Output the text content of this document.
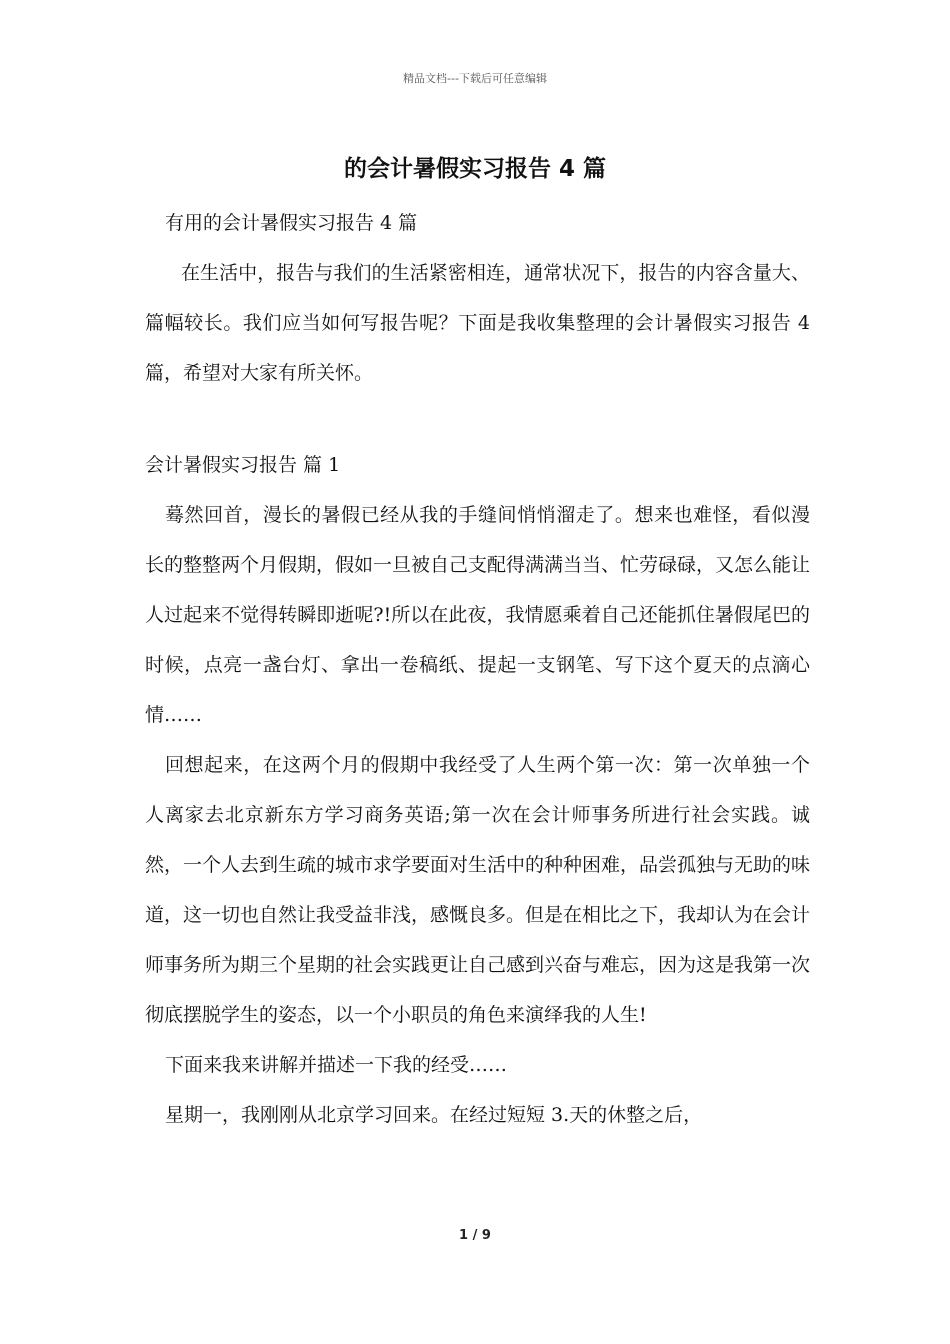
精品文档---下载后可任意编辑
的会计暑假实习报告 4 篇
有用的会计暑假实习报告 4 篇

在生活中，报告与我们的生活紧密相连，通常状况下，报告的内容含量大、篇幅较长。我们应当如何写报告呢？下面是我收集整理的会计暑假实习报告 4 篇，希望对大家有所关怀。

会计暑假实习报告 篇 1

蓦然回首，漫长的暑假已经从我的手缝间悄悄溜走了。想来也难怪，看似漫长的整整两个月假期，假如一旦被自己支配得满满当当、忙劳碌碌，又怎么能让人过起来不觉得转瞬即逝呢?!所以在此夜，我情愿乘着自己还能抓住暑假尾巴的时候，点亮一盏台灯、拿出一卷稿纸、提起一支钢笔、写下这个夏天的点滴心情……

回想起来，在这两个月的假期中我经受了人生两个第一次：第一次单独一个人离家去北京新东方学习商务英语;第一次在会计师事务所进行社会实践。诚然，一个人去到生疏的城市求学要面对生活中的种种困难，品尝孤独与无助的味道，这一切也自然让我受益非浅，感慨良多。但是在相比之下，我却认为在会计师事务所为期三个星期的社会实践更让自己感到兴奋与难忘，因为这是我第一次彻底摆脱学生的姿态，以一个小职员的角色来演绎我的人生!

下面来我来讲解并描述一下我的经受……

星期一，我刚刚从北京学习回来。在经过短短 3.天的休整之后，

1 / 9
